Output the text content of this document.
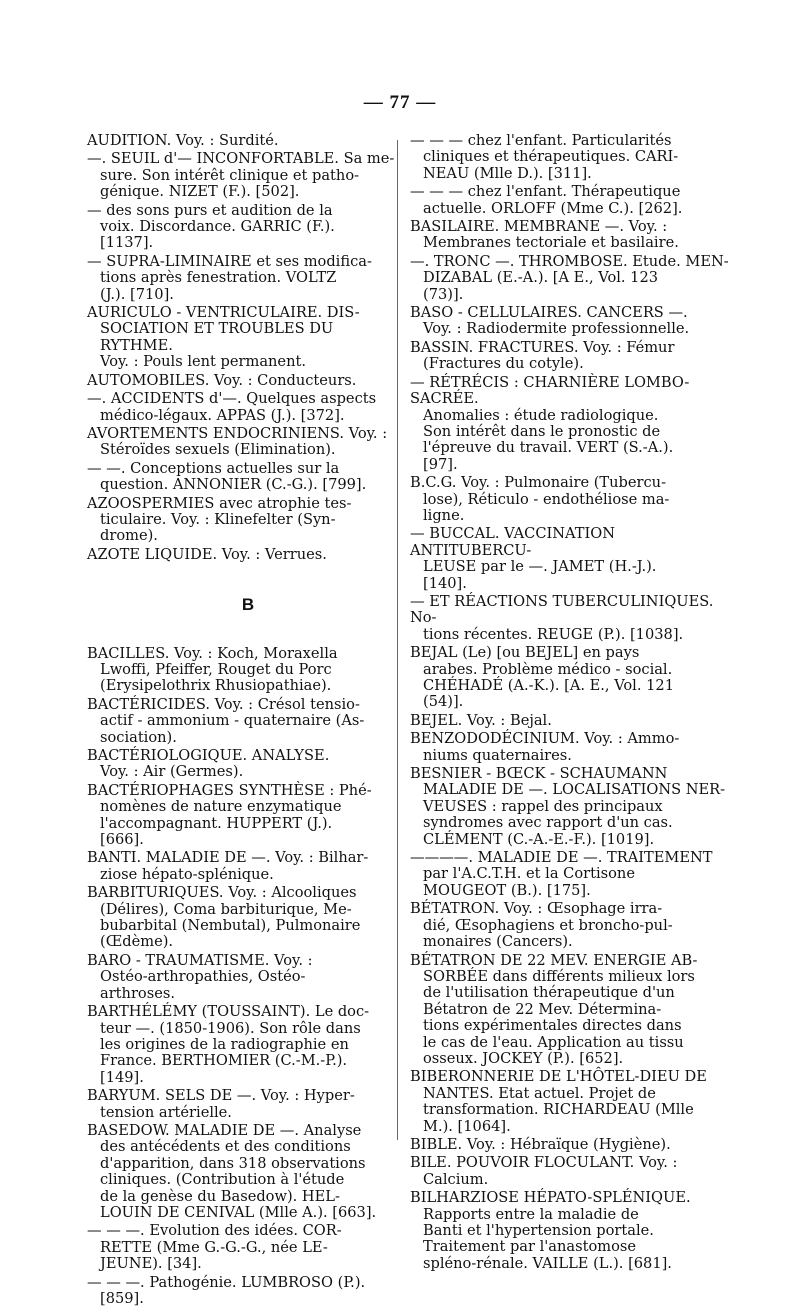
— 77 —
AUDITION. Voy. : Surdité.
—. SEUIL d'— INCONFORTABLE. Sa me-
sure. Son intérêt clinique et patho-
génique. NIZET (F.). [502].
— des sons purs et audition de la
voix. Discordance. GARRIC (F.).
[1137].
— SUPRA-LIMINAIRE et ses modifica-
tions après fenestration. VOLTZ
(J.). [710].
AURICULO - VENTRICULAIRE. DIS-
SOCIATION ET TROUBLES DU RYTHME.
Voy. : Pouls lent permanent.
AUTOMOBILES. Voy. : Conducteurs.
—. ACCIDENTS d'—. Quelques aspects
médico-légaux. APPAS (J.). [372].
AVORTEMENTS ENDOCRINIENS. Voy. :
Stéroïdes sexuels (Elimination).
— —. Conceptions actuelles sur la
question. ANNONIER (C.-G.). [799].
AZOOSPERMIES avec atrophie tes-
ticulaire. Voy. : Klinefelter (Syn-
drome).
AZOTE LIQUIDE. Voy. : Verrues.
B
BACILLES. Voy. : Koch, Moraxella
Lwoffi, Pfeiffer, Rouget du Porc
(Erysipelothrix Rhusiopathiae).
BACTÉRICIDES. Voy. : Crésol tensio-
actif - ammonium - quaternaire (As-
sociation).
BACTÉRIOLOGIQUE. ANALYSE.
Voy. : Air (Germes).
BACTÉRIOPHAGES SYNTHÈSE : Phé-
nomènes de nature enzymatique
l'accompagnant. HUPPERT (J.).
[666].
BANTI. MALADIE DE —. Voy. : Bilhar-
ziose hépato-splénique.
BARBITURIQUES. Voy. : Alcooliques
(Délires), Coma barbiturique, Me-
bubarbital (Nembutal), Pulmonaire
(Œdème).
BARO - TRAUMATISME. Voy. :
Ostéo-arthropathies, Ostéo-
arthroses.
BARTHÉLÉMY (TOUSSAINT). Le doc-
teur —. (1850-1906). Son rôle dans
les origines de la radiographie en
France. BERTHOMIER (C.-M.-P.).
[149].
BARYUM. SELS DE —. Voy. : Hyper-
tension artérielle.
BASEDOW. MALADIE DE —. Analyse
des antécédents et des conditions
d'apparition, dans 318 observations
cliniques. (Contribution à l'étude
de la genèse du Basedow). HEL-
LOUIN DE CENIVAL (Mlle A.). [663].
— — —. Evolution des idées. COR-
RETTE (Mme G.-G.-G., née LE-
JEUNE). [34].
— — —. Pathogénie. LUMBROSO (P.).
[859].
— — — chez l'enfant. Particularités
cliniques et thérapeutiques. CARI-
NEAU (Mlle D.). [311].
— — — chez l'enfant. Thérapeutique
actuelle. ORLOFF (Mme C.). [262].
BASILAIRE. MEMBRANE —. Voy. :
Membranes tectoriale et basilaire.
—. TRONC —. THROMBOSE. Etude. MEN-
DIZABAL (E.-A.). [A E., Vol. 123
(73)].
BASO - CELLULAIRES. CANCERS —.
Voy. : Radiodermite professionnelle.
BASSIN. FRACTURES. Voy. : Fémur
(Fractures du cotyle).
— RÉTRÉCIS : CHARNIÈRE LOMBO-SACRÉE.
Anomalies : étude radiologique.
Son intérêt dans le pronostic de
l'épreuve du travail. VERT (S.-A.).
[97].
B.C.G. Voy. : Pulmonaire (Tubercu-
lose), Réticulo - endothéliose ma-
ligne.
— BUCCAL. VACCINATION ANTITUBERCU-
LEUSE par le —. JAMET (H.-J.).
[140].
— ET RÉACTIONS TUBERCULINIQUES. No-
tions récentes. REUGE (P.). [1038].
BEJAL (Le) [ou BEJEL] en pays
arabes. Problème médico - social.
CHÉHADÉ (A.-K.). [A. E., Vol. 121
(54)].
BEJEL. Voy. : Bejal.
BENZODODÉCINIUM. Voy. : Ammo-
niums quaternaires.
BESNIER - BŒCK - SCHAUMANN
MALADIE DE —. LOCALISATIONS NER-
VEUSES : rappel des principaux
syndromes avec rapport d'un cas.
CLÉMENT (C.-A.-E.-F.). [1019].
————. MALADIE DE —. TRAITEMENT
par l'A.C.T.H. et la Cortisone
MOUGEOT (B.). [175].
BÉTATRON. Voy. : Œsophage irra-
dié, Œsophagiens et broncho-pul-
monaires (Cancers).
BÉTATRON DE 22 MEV. ENERGIE AB-
SORBÉE dans différents milieux lors
de l'utilisation thérapeutique d'un
Bétatron de 22 Mev. Détermina-
tions expérimentales directes dans
le cas de l'eau. Application au tissu
osseux. JOCKEY (P.). [652].
BIBERONNERIE DE L'HÔTEL-DIEU DE
NANTES. Etat actuel. Projet de
transformation. RICHARDEAU (Mlle
M.). [1064].
BIBLE. Voy. : Hébraïque (Hygiène).
BILE. POUVOIR FLOCULANT. Voy. :
Calcium.
BILHARZIOSE HÉPATO-SPLÉNIQUE.
Rapports entre la maladie de
Banti et l'hypertension portale.
Traitement par l'anastomose
spléno-rénale. VAILLE (L.). [681].
